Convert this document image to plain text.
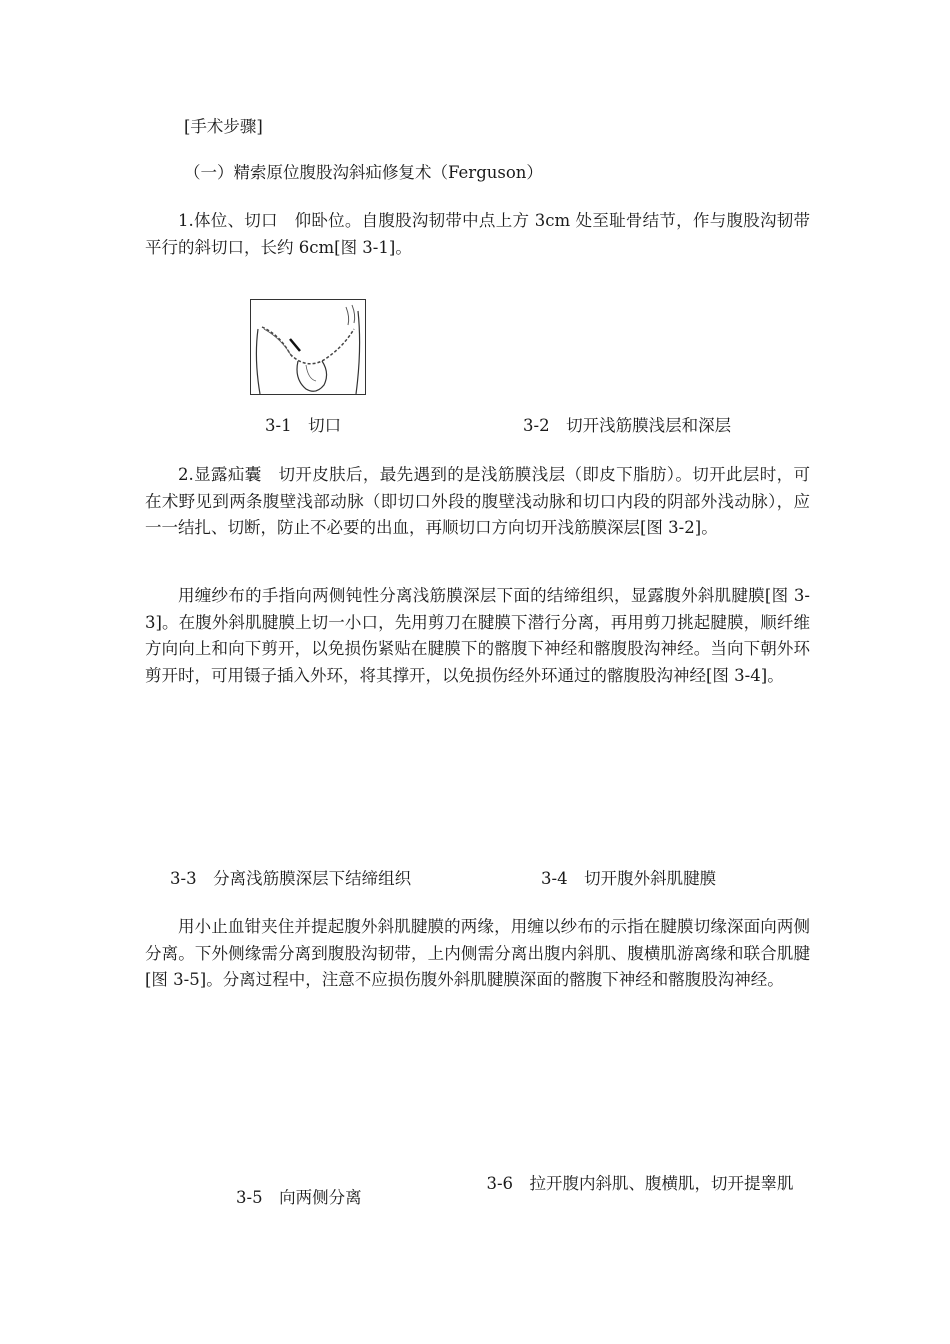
[手术步骤]
（一）精索原位腹股沟斜疝修复术（Ferguson）
1.体位、切口　仰卧位。自腹股沟韧带中点上方 3cm 处至耻骨结节，作与腹股沟韧带平行的斜切口，长约 6cm[图 3-1]。
3-1　切口	3-2　切开浅筋膜浅层和深层
2.显露疝囊　切开皮肤后，最先遇到的是浅筋膜浅层（即皮下脂肪）。切开此层时，可在术野见到两条腹壁浅部动脉（即切口外段的腹壁浅动脉和切口内段的阴部外浅动脉），应一一结扎、切断，防止不必要的出血，再顺切口方向切开浅筋膜深层[图 3-2]。
用缠纱布的手指向两侧钝性分离浅筋膜深层下面的结缔组织，显露腹外斜肌腱膜[图 3-3]。在腹外斜肌腱膜上切一小口，先用剪刀在腱膜下潜行分离，再用剪刀挑起腱膜，顺纤维方向向上和向下剪开，以免损伤紧贴在腱膜下的髂腹下神经和髂腹股沟神经。当向下朝外环剪开时，可用镊子插入外环，将其撑开，以免损伤经外环通过的髂腹股沟神经[图 3-4]。
3-3　分离浅筋膜深层下结缔组织	3-4　切开腹外斜肌腱膜
用小止血钳夹住并提起腹外斜肌腱膜的两缘，用缠以纱布的示指在腱膜切缘深面向两侧分离。下外侧缘需分离到腹股沟韧带，上内侧需分离出腹内斜肌、腹横肌游离缘和联合肌腱[图 3-5]。分离过程中，注意不应损伤腹外斜肌腱膜深面的髂腹下神经和髂腹股沟神经。
3-5　向两侧分离
3-6　拉开腹内斜肌、腹横肌，切开提睾肌
